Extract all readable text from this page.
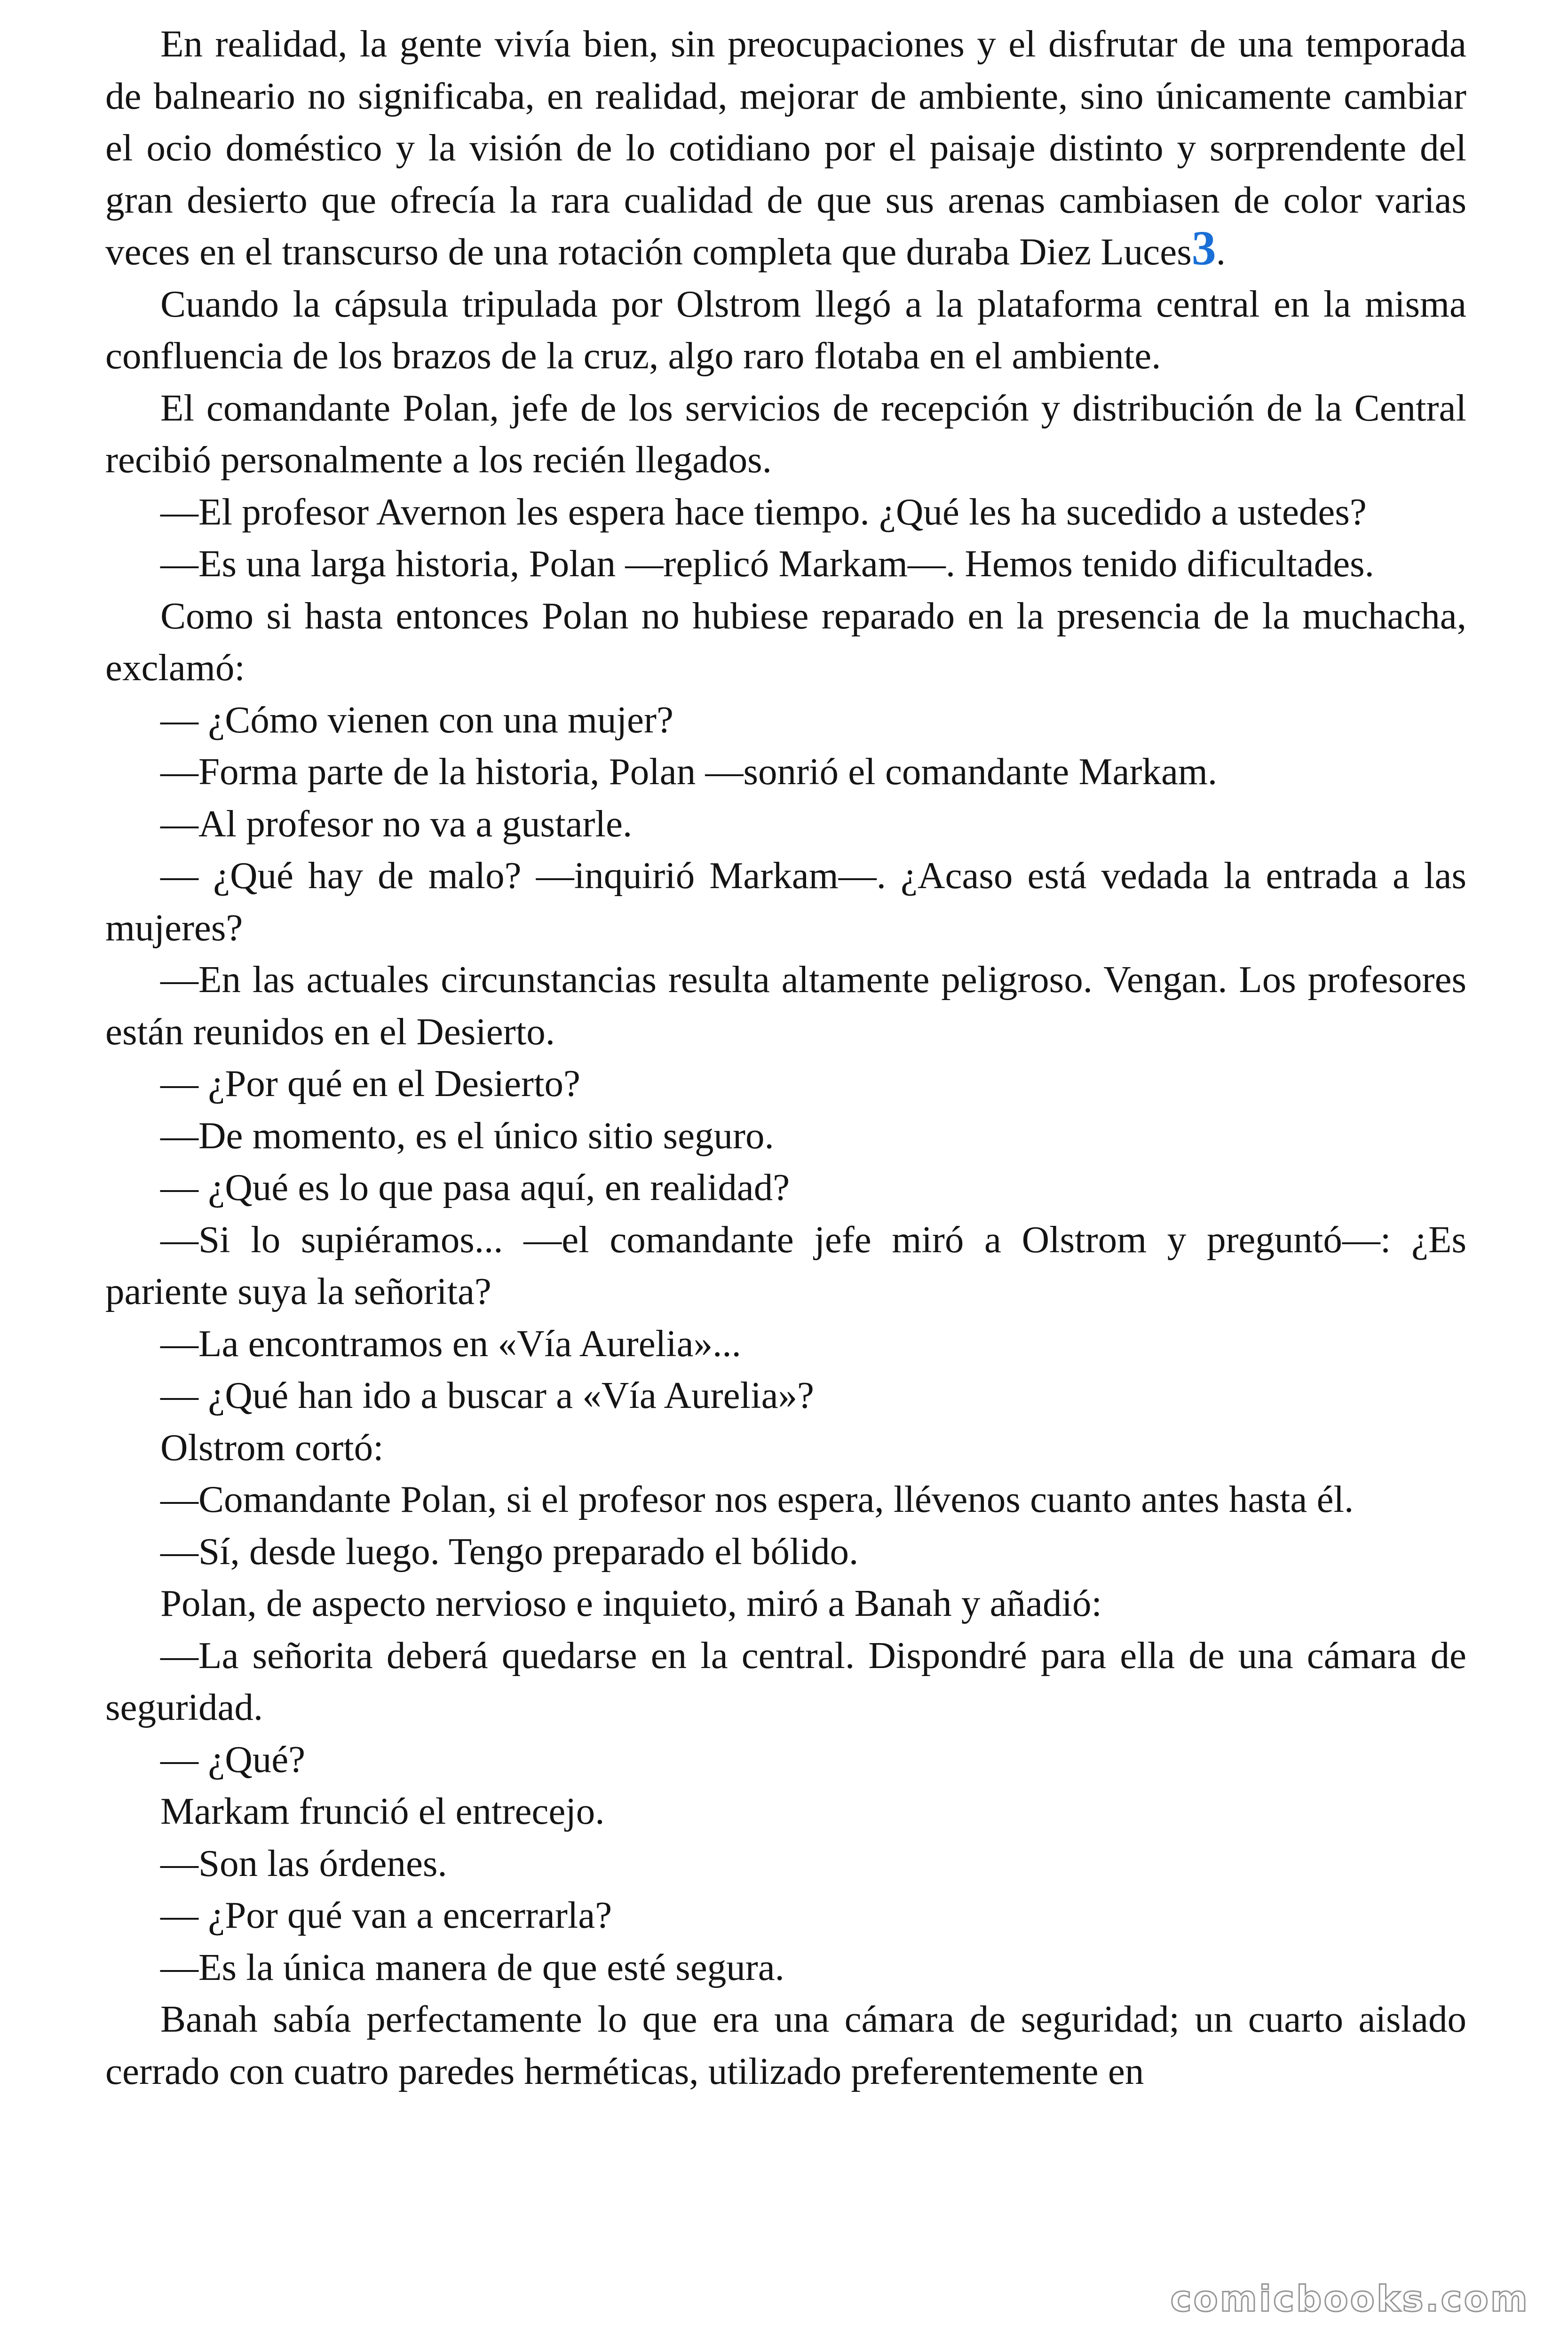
En realidad, la gente vivía bien, sin preocupaciones y el disfrutar de una temporada de balneario no significaba, en realidad, mejorar de ambiente, sino únicamente cambiar el ocio doméstico y la visión de lo cotidiano por el paisaje distinto y sorprendente del gran desierto que ofrecía la rara cualidad de que sus arenas cambiasen de color varias veces en el transcurso de una rotación completa que duraba Diez Luces3.

Cuando la cápsula tripulada por Olstrom llegó a la plataforma central en la misma confluencia de los brazos de la cruz, algo raro flotaba en el ambiente.

El comandante Polan, jefe de los servicios de recepción y distribución de la Central recibió personalmente a los recién llegados.

—El profesor Avernon les espera hace tiempo. ¿Qué les ha sucedido a ustedes?

—Es una larga historia, Polan —replicó Markam—. Hemos tenido dificultades.

Como si hasta entonces Polan no hubiese reparado en la presencia de la muchacha, exclamó:

— ¿Cómo vienen con una mujer?

—Forma parte de la historia, Polan —sonrió el comandante Markam.

—Al profesor no va a gustarle.

— ¿Qué hay de malo? —inquirió Markam—. ¿Acaso está vedada la entrada a las mujeres?

—En las actuales circunstancias resulta altamente peligroso. Vengan. Los profesores están reunidos en el Desierto.

— ¿Por qué en el Desierto?

—De momento, es el único sitio seguro.

— ¿Qué es lo que pasa aquí, en realidad?

—Si lo supiéramos... —el comandante jefe miró a Olstrom y preguntó—: ¿Es pariente suya la señorita?

—La encontramos en «Vía Aurelia»...

— ¿Qué han ido a buscar a «Vía Aurelia»?

Olstrom cortó:

—Comandante Polan, si el profesor nos espera, llévenos cuanto antes hasta él.

—Sí, desde luego. Tengo preparado el bólido.

Polan, de aspecto nervioso e inquieto, miró a Banah y añadió:

—La señorita deberá quedarse en la central. Dispondré para ella de una cámara de seguridad.

— ¿Qué?

Markam frunció el entrecejo.

—Son las órdenes.

— ¿Por qué van a encerrarla?

—Es la única manera de que esté segura.

Banah sabía perfectamente lo que era una cámara de seguridad; un cuarto aislado cerrado con cuatro paredes herméticas, utilizado preferentemente en

comicbooks.com
